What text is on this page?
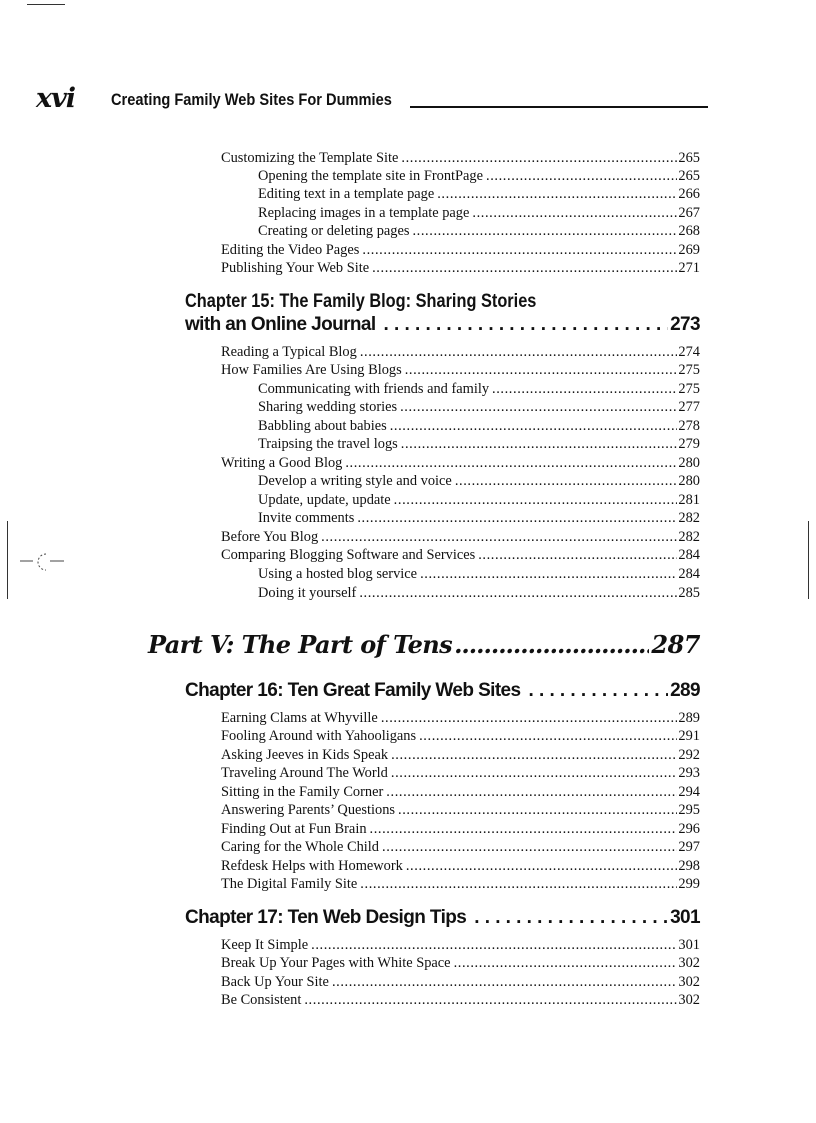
xvi Creating Family Web Sites For Dummies
Customizing the Template Site .....	265
Opening the template site in FrontPage .....	265
Editing text in a template page .....	266
Replacing images in a template page .....	267
Creating or deleting pages .....	268
Editing the Video Pages .....	269
Publishing Your Web Site .....	271
Chapter 15: The Family Blog: Sharing Stories
with an Online Journal .....	273
Reading a Typical Blog .....	274
How Families Are Using Blogs .....	275
Communicating with friends and family .....	275
Sharing wedding stories .....	277
Babbling about babies .....	278
Traipsing the travel logs .....	279
Writing a Good Blog .....	280
Develop a writing style and voice .....	280
Update, update, update .....	281
Invite comments .....	282
Before You Blog .....	282
Comparing Blogging Software and Services .....	284
Using a hosted blog service .....	284
Doing it yourself .....	285
Part V: The Part of Tens .....	287
Chapter 16: Ten Great Family Web Sites .....	289
Earning Clams at Whyville .....	289
Fooling Around with Yahooligans .....	291
Asking Jeeves in Kids Speak .....	292
Traveling Around The World .....	293
Sitting in the Family Corner .....	294
Answering Parents’ Questions .....	295
Finding Out at Fun Brain .....	296
Caring for the Whole Child .....	297
Refdesk Helps with Homework .....	298
The Digital Family Site .....	299
Chapter 17: Ten Web Design Tips .....	301
Keep It Simple .....	301
Break Up Your Pages with White Space .....	302
Back Up Your Site .....	302
Be Consistent .....	302
